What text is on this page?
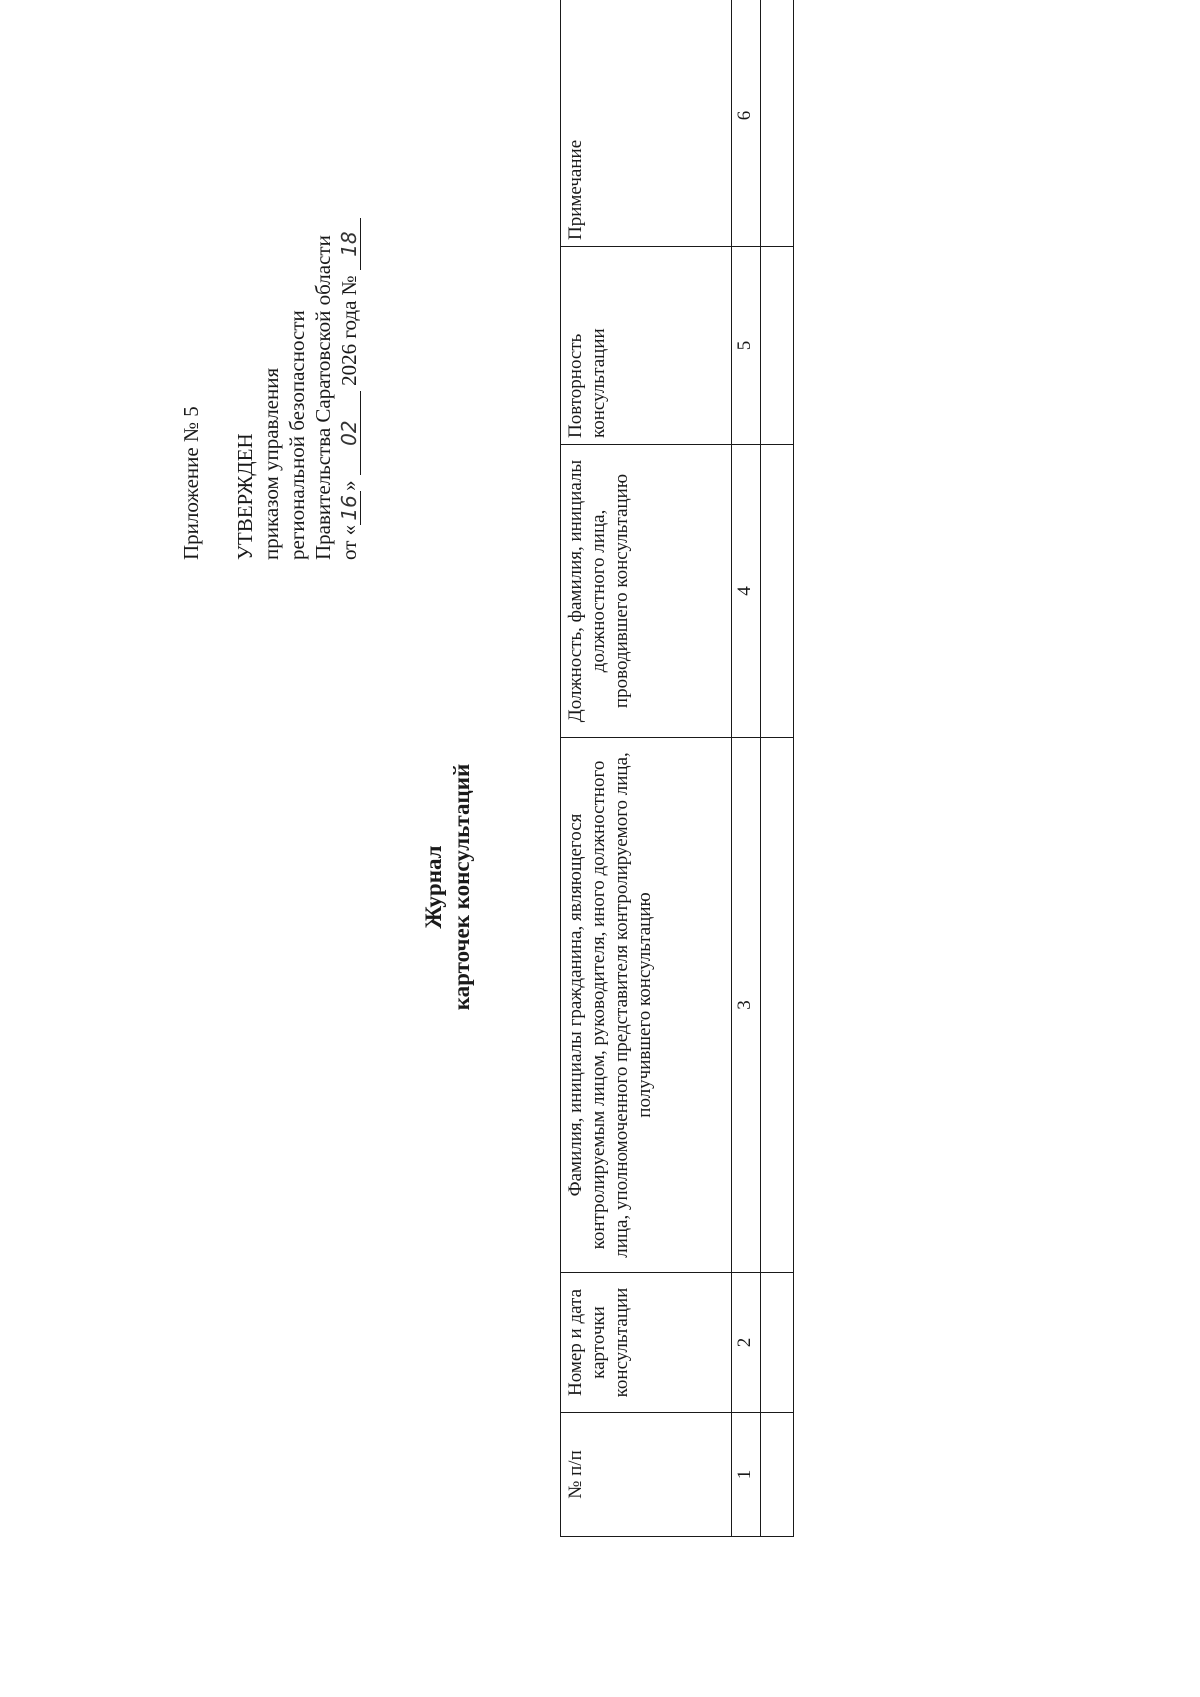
Приложение № 5 УТВЕРЖДЕН приказом управления региональной безопасности Правительства Саратовской области от «16» 02 2026 года № 18
Журнал карточек консультаций
№ п/п	Номер и дата карточки консультации	Фамилия, инициалы гражданина, являющегося контролируемым лицом, руководителя, иного должностного лица, уполномоченного представителя контролируемого лица, получившего консультацию	Должность, фамилия, инициалы должностного лица, проводившего консультацию	Повторность консультации	Примечание
1	2	3	4	5	6
